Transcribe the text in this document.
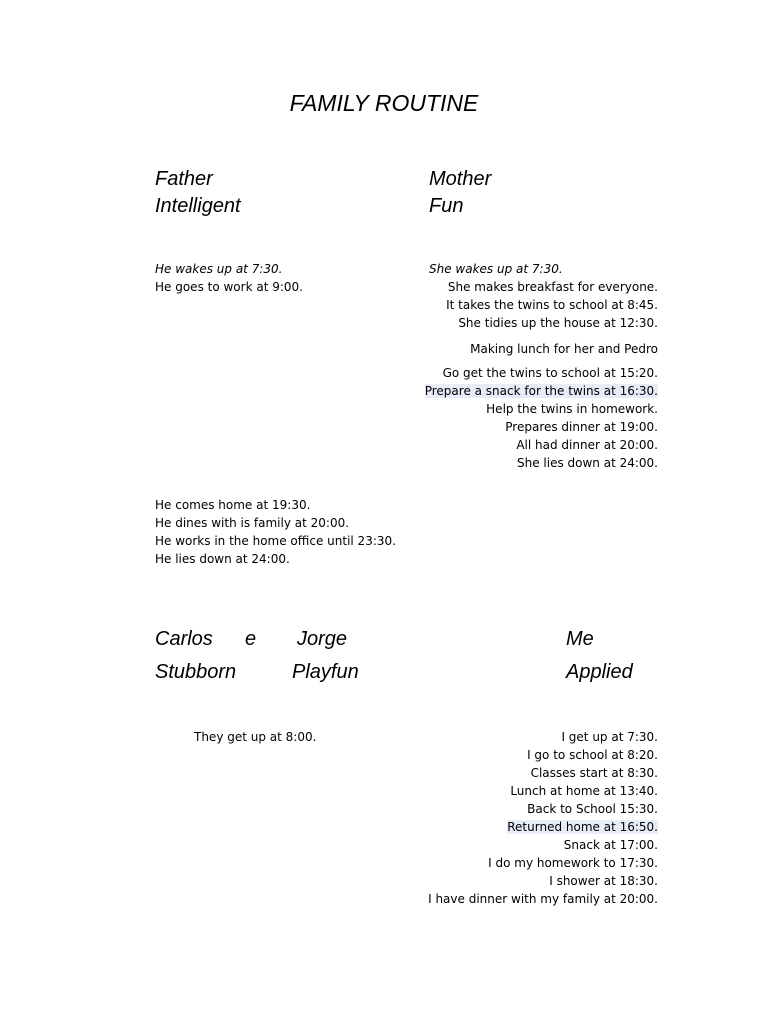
FAMILY ROUTINE
Father
Intelligent
Mother
Fun
He wakes up at 7:30.
He goes to work at 9:00.
She wakes up at 7:30.
She makes breakfast for everyone.
It takes the twins to school at 8:45.
She tidies up the house at 12:30.
Making lunch for her and Pedro
Go get the twins to school at 15:20.
Prepare a snack for the twins at 16:30.
Help the twins in homework.
Prepares dinner at 19:00.
All had dinner at 20:00.
She lies down at 24:00.
He comes home at 19:30.
He dines with is family at 20:00.
He works in the home office until 23:30.
He lies down at 24:00.
Carlos e Jorge
Stubborn	Playfun
Me
Applied
They get up at 8:00.	I get up at 7:30.
I go to school at 8:20.
Classes start at 8:30.
Lunch at home at 13:40.
Back to School 15:30.
Returned home at 16:50.
Snack at 17:00.
I do my homework to 17:30.
I shower at 18:30.
I have dinner with my family at 20:00.
